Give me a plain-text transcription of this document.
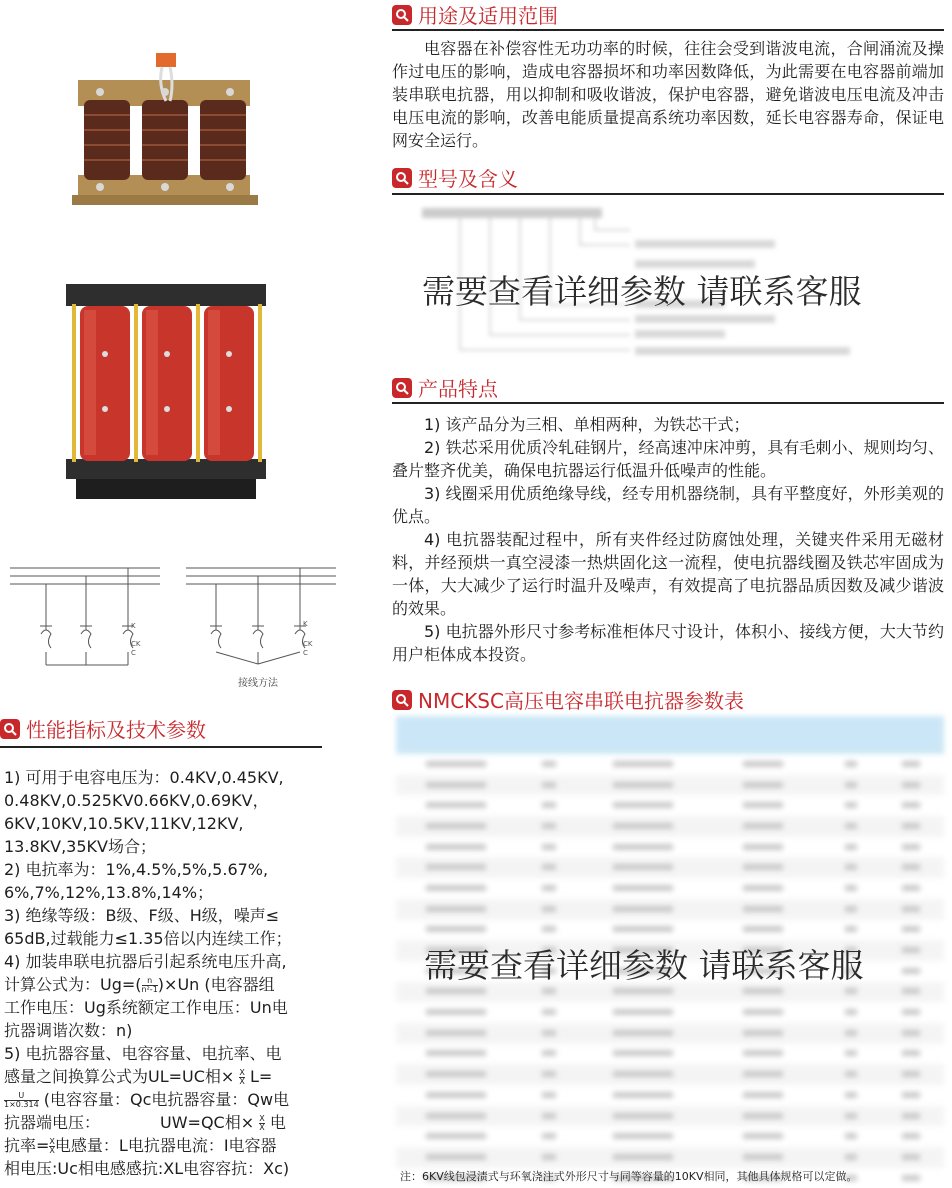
K
CK
C
K
CK
C
接线方法
性能指标及技术参数

1) 可用于电容电压为：0.4KV,0.45KV,

0.48KV,0.525KV0.66KV,0.69KV，

6KV,10KV,10.5KV,11KV,12KV,

13.8KV,35KV场合；

2) 电抗率为：1%,4.5%,5%,5.67%,

6%,7%,12%,13.8%,14%；

3) 绝缘等级：B级、F级、H级，噪声≤

65dB,过载能力≤1.35倍以内连续工作；

4) 加装串联电抗器后引起系统电压升高,

计算公式为：$Ug=( \frac{n}{\text{n²-1}} )\times Un$ (电容器组

工作电压：Ug系统额定工作电压：Un电

抗器调谐次数：n)

5) 电抗器容量、电容容量、电抗率、电

感量之间换算公式为UL=UC相× $\frac{X}{X} L=$

$\frac{U}{1\times 0.314}$ (电容容量：Qc电抗器容量：Qw电

抗器端电压：	UW=QC相× $\frac{X}{X}$ 电

抗率= $\frac{X}{X}$ 电感量：L电抗器电流：I电容器

相电压:Uc相电感感抗:XL电容容抗：Xc)

用途及适用范围

电容器在补偿容性无功功率的时候，往往会受到谐波电流，合闸涌流及操作过电压的影响，造成电容器损坏和功率因数降低，为此需要在电容器前端加装串联电抗器，用以抑制和吸收谐波，保护电容器，避免谐波电压电流及冲击电压电流的影响，改善电能质量提高系统功率因数，延长电容器寿命，保证电网安全运行。

型号及含义
需要查看详细参数 请联系客服
产品特点

1) 该产品分为三相、单相两种，为铁芯干式；

2) 铁芯采用优质冷轧硅钢片，经高速冲床冲剪，具有毛刺小、规则均匀、叠片整齐优美，确保电抗器运行低温升低噪声的性能。

3) 线圈采用优质绝缘导线，经专用机器绕制，具有平整度好，外形美观的优点。

4) 电抗器装配过程中，所有夹件经过防腐蚀处理，关键夹件采用无磁材料，并经预烘一真空浸漆一热烘固化这一流程，使电抗器线圈及铁芯牢固成为一体，大大减少了运行时温升及噪声，有效提高了电抗器品质因数及减少谐波的效果。

5) 电抗器外形尺寸参考标准柜体尺寸设计，体积小、接线方便，大大节约用户柜体成本投资。

NMCKSC高压电容串联电抗器参数表

需要查看详细参数 请联系客服
注：6KV线包浸渍式与环氧浇注式外形尺寸与同等容量的10KV相同，其他具体规格可以定做。
